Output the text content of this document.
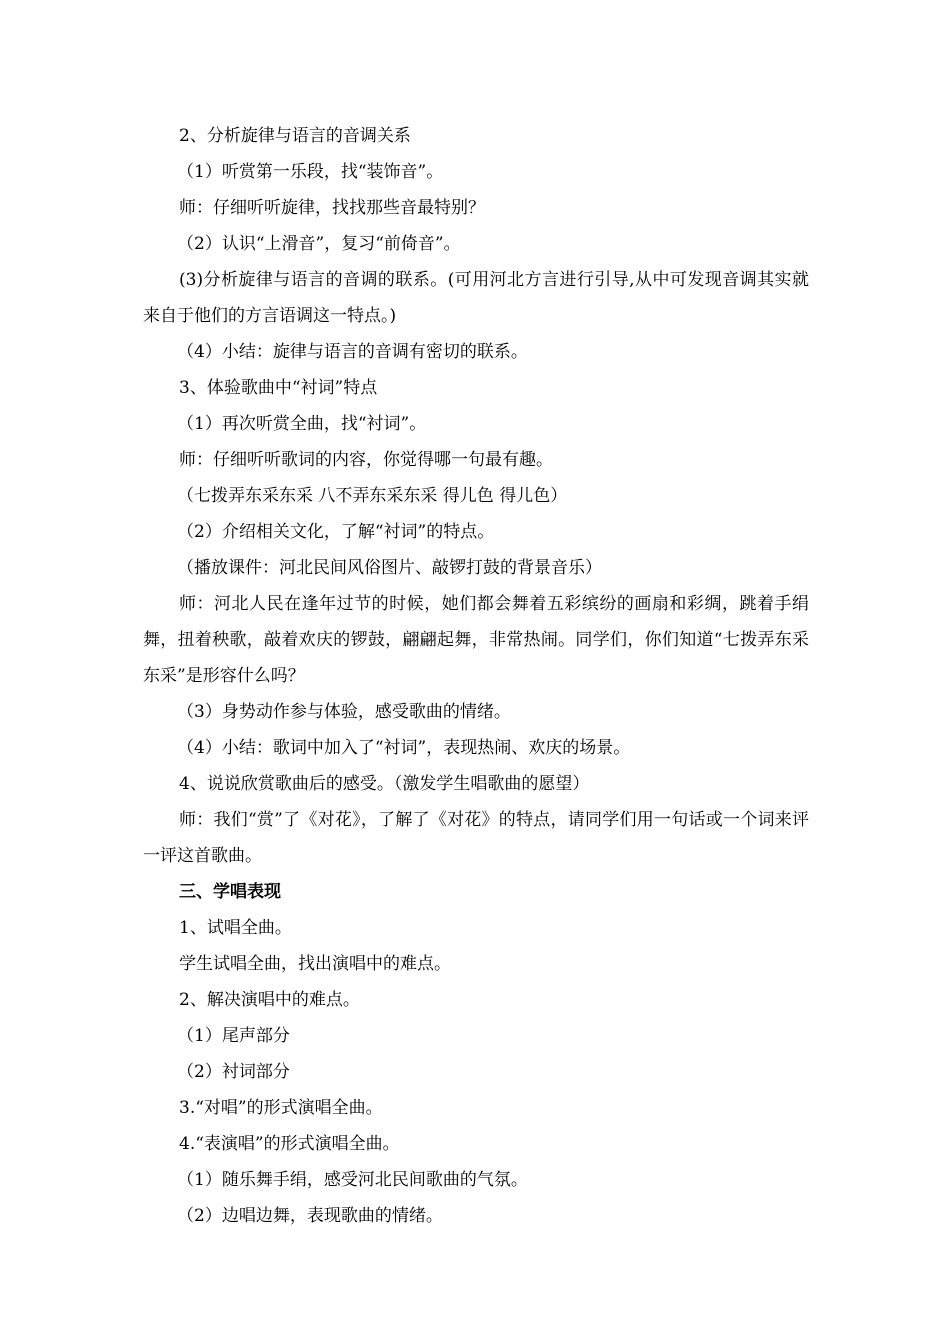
2、分析旋律与语言的音调关系

（1）听赏第一乐段，找“装饰音”。

师：仔细听听旋律，找找那些音最特别？

（2）认识“上滑音”，复习“前倚音”。

(3)分析旋律与语言的音调的联系。(可用河北方言进行引导,从中可发现音调其实就来自于他们的方言语调这一特点。)

（4）小结：旋律与语言的音调有密切的联系。

3、体验歌曲中“衬词”特点

（1）再次听赏全曲，找“衬词”。

师：仔细听听歌词的内容，你觉得哪一句最有趣。

（七拨弄东采东采 八不弄东采东采 得儿色 得儿色）

（2）介绍相关文化，了解“衬词”的特点。

（播放课件：河北民间风俗图片、敲锣打鼓的背景音乐）

师：河北人民在逢年过节的时候，她们都会舞着五彩缤纷的画扇和彩绸，跳着手绢舞，扭着秧歌，敲着欢庆的锣鼓，翩翩起舞，非常热闹。同学们，你们知道“七拨弄东采东采”是形容什么吗？

（3）身势动作参与体验，感受歌曲的情绪。

（4）小结：歌词中加入了“衬词”，表现热闹、欢庆的场景。

4、说说欣赏歌曲后的感受。（激发学生唱歌曲的愿望）

师：我们“赏”了《对花》，了解了《对花》的特点，请同学们用一句话或一个词来评一评这首歌曲。

三、学唱表现

1、试唱全曲。

学生试唱全曲，找出演唱中的难点。

2、解决演唱中的难点。

（1）尾声部分

（2）衬词部分

3.“对唱”的形式演唱全曲。

4.“表演唱”的形式演唱全曲。

（1）随乐舞手绢，感受河北民间歌曲的气氛。

（2）边唱边舞，表现歌曲的情绪。
